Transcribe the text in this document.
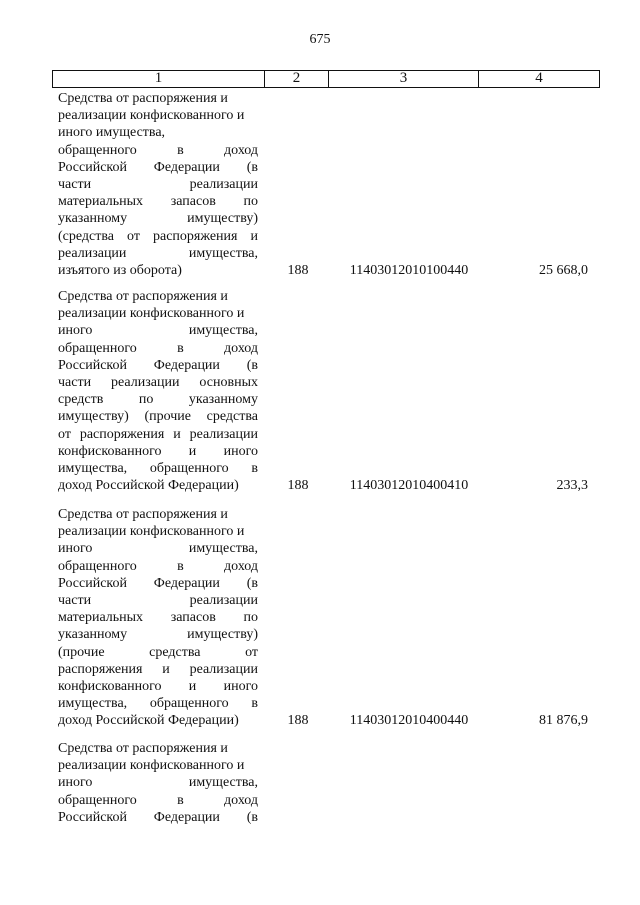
675
1	2	3	4
Средства от распоряжения и
реализации конфискованного и
иного имущества,
обращенного в доход
Российской Федерации (в
части реализации
материальных запасов по
указанному имуществу)
(средства от распоряжения и
реализации имущества,
изъятого из оборота)	188	11403012010100440	25 668,0
Средства от распоряжения и
реализации конфискованного и
иного имущества,
обращенного в доход
Российской Федерации (в
части реализации основных
средств по указанному
имуществу) (прочие средства
от распоряжения и реализации
конфискованного и иного
имущества, обращенного в
доход Российской Федерации)	188	11403012010400410	233,3
Средства от распоряжения и
реализации конфискованного и
иного имущества,
обращенного в доход
Российской Федерации (в
части реализации
материальных запасов по
указанному имуществу)
(прочие средства от
распоряжения и реализации
конфискованного и иного
имущества, обращенного в
доход Российской Федерации)	188	11403012010400440	81 876,9
Средства от распоряжения и
реализации конфискованного и
иного имущества,
обращенного в доход
Российской Федерации (в
